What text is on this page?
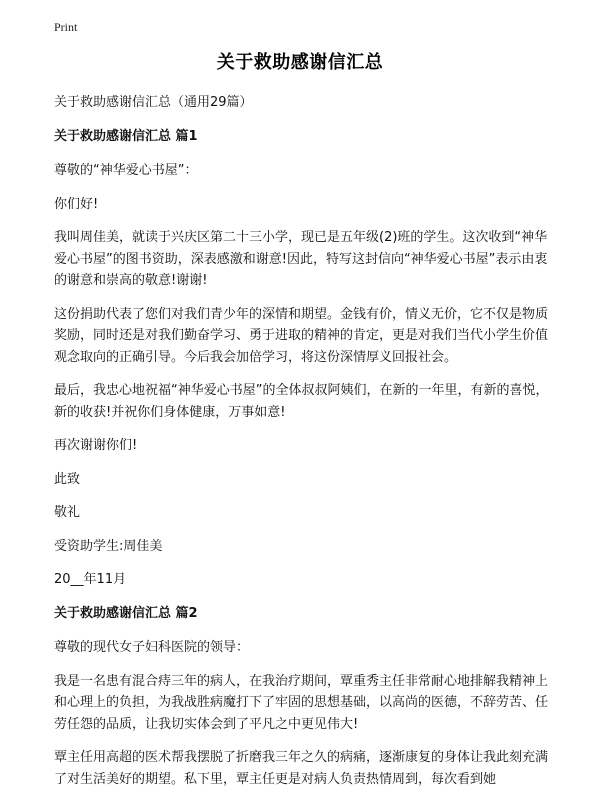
Print
关于救助感谢信汇总

关于救助感谢信汇总（通用29篇）

关于救助感谢信汇总 篇1

尊敬的“神华爱心书屋”：

你们好!

我叫周佳美，就读于兴庆区第二十三小学，现已是五年级(2)班的学生。这次收到“神华爱心书屋”的图书资助，深表感激和谢意!因此，特写这封信向“神华爱心书屋”表示由衷的谢意和崇高的敬意!谢谢!

这份捐助代表了您们对我们青少年的深情和期望。金钱有价，情义无价，它不仅是物质奖励，同时还是对我们勤奋学习、勇于进取的精神的肯定，更是对我们当代小学生价值观念取向的正确引导。今后我会加倍学习，将这份深情厚义回报社会。

最后，我忠心地祝福“神华爱心书屋”的全体叔叔阿姨们，在新的一年里，有新的喜悦，新的收获!并祝你们身体健康，万事如意!

再次谢谢你们!

此致

敬礼

受资助学生:周佳美

20__年11月

关于救助感谢信汇总 篇2

尊敬的现代女子妇科医院的领导：

我是一名患有混合痔三年的病人，在我治疗期间，覃重秀主任非常耐心地排解我精神上和心理上的负担，为我战胜病魔打下了牢固的思想基础，以高尚的医德，不辞劳苦、任劳任怨的品质，让我切实体会到了平凡之中更见伟大!

覃主任用高超的医术帮我摆脱了折磨我三年之久的病痛，逐渐康复的身体让我此刻充满了对生活美好的期望。私下里，覃主任更是对病人负责热情周到，每次看到她
